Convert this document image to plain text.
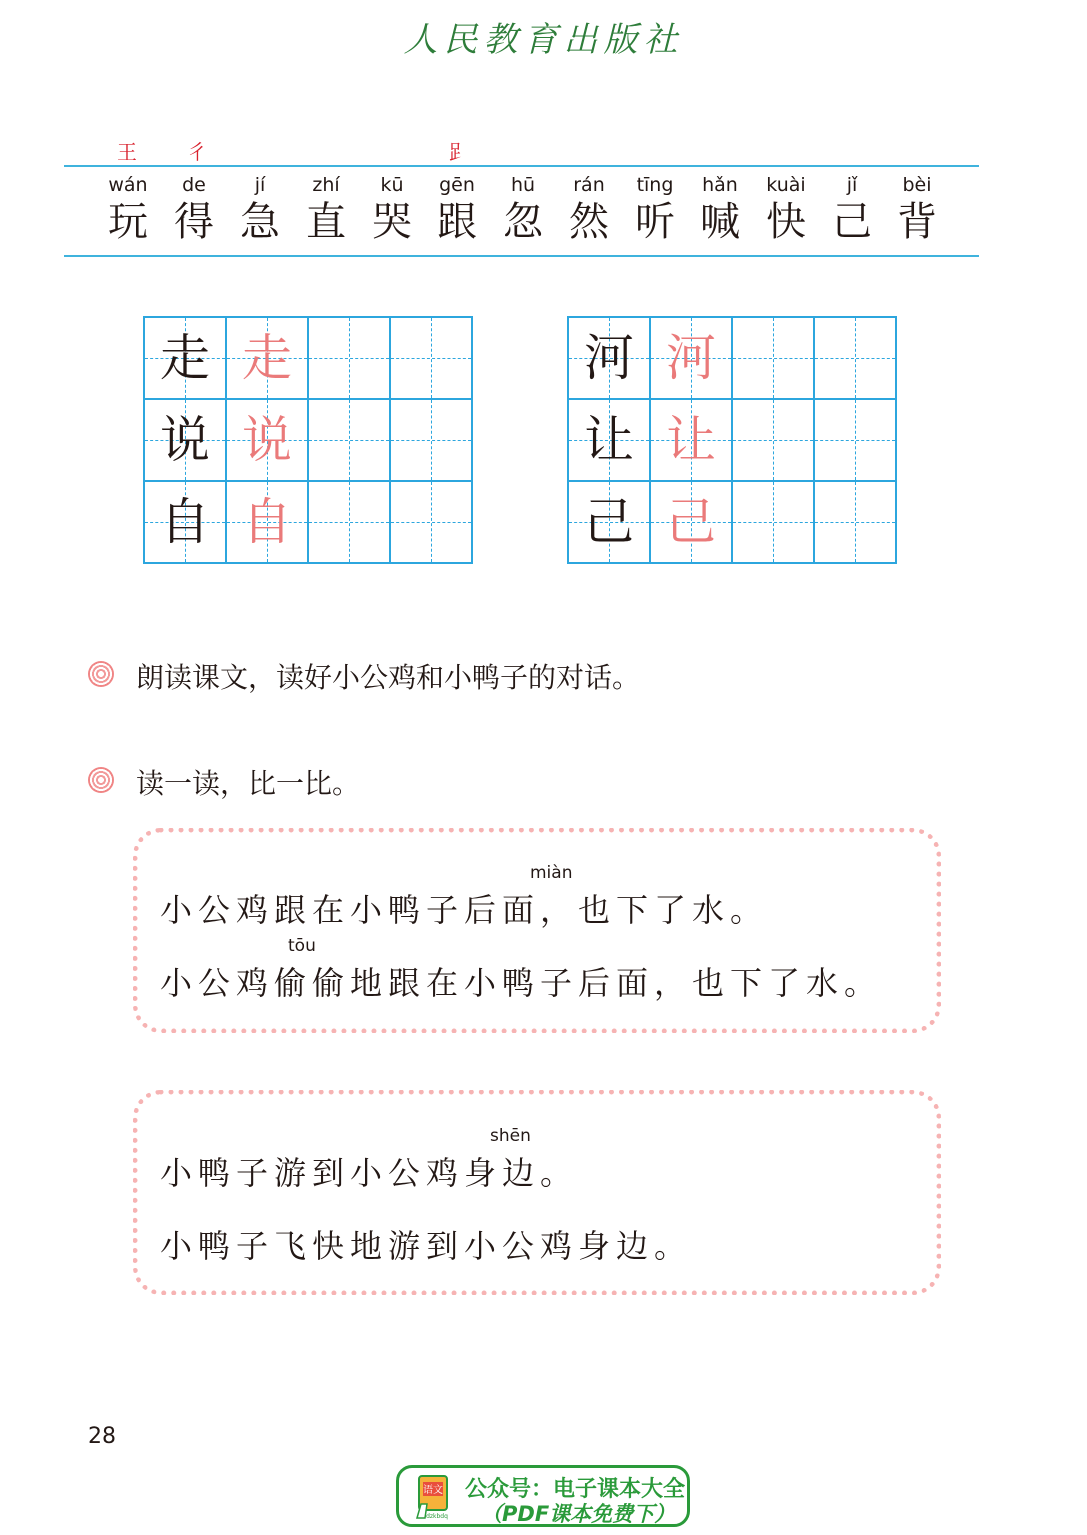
人民教育出版社
王	彳	𧾷
wán
玩
de
得
jí
急
zhí
直
kū
哭
gēn
跟
hū
忽
rán
然
tīng
听
hǎn
喊
kuài
快
jǐ
己
bèi
背
走	走		
说	说		
自	自		
河	河		
让	让		
己	己		
朗读课文，读好小公鸡和小鸭子的对话。
读一读，比一比。
miàn
小公鸡跟在小鸭子后面，也下了水。
tōu
小公鸡偷偷地跟在小鸭子后面，也下了水。
shēn
小鸭子游到小公鸡身边。
小鸭子飞快地游到小公鸡身边。
28
语文
dzkbdq
公众号：电子课本大全
（PDF课本免费下）
